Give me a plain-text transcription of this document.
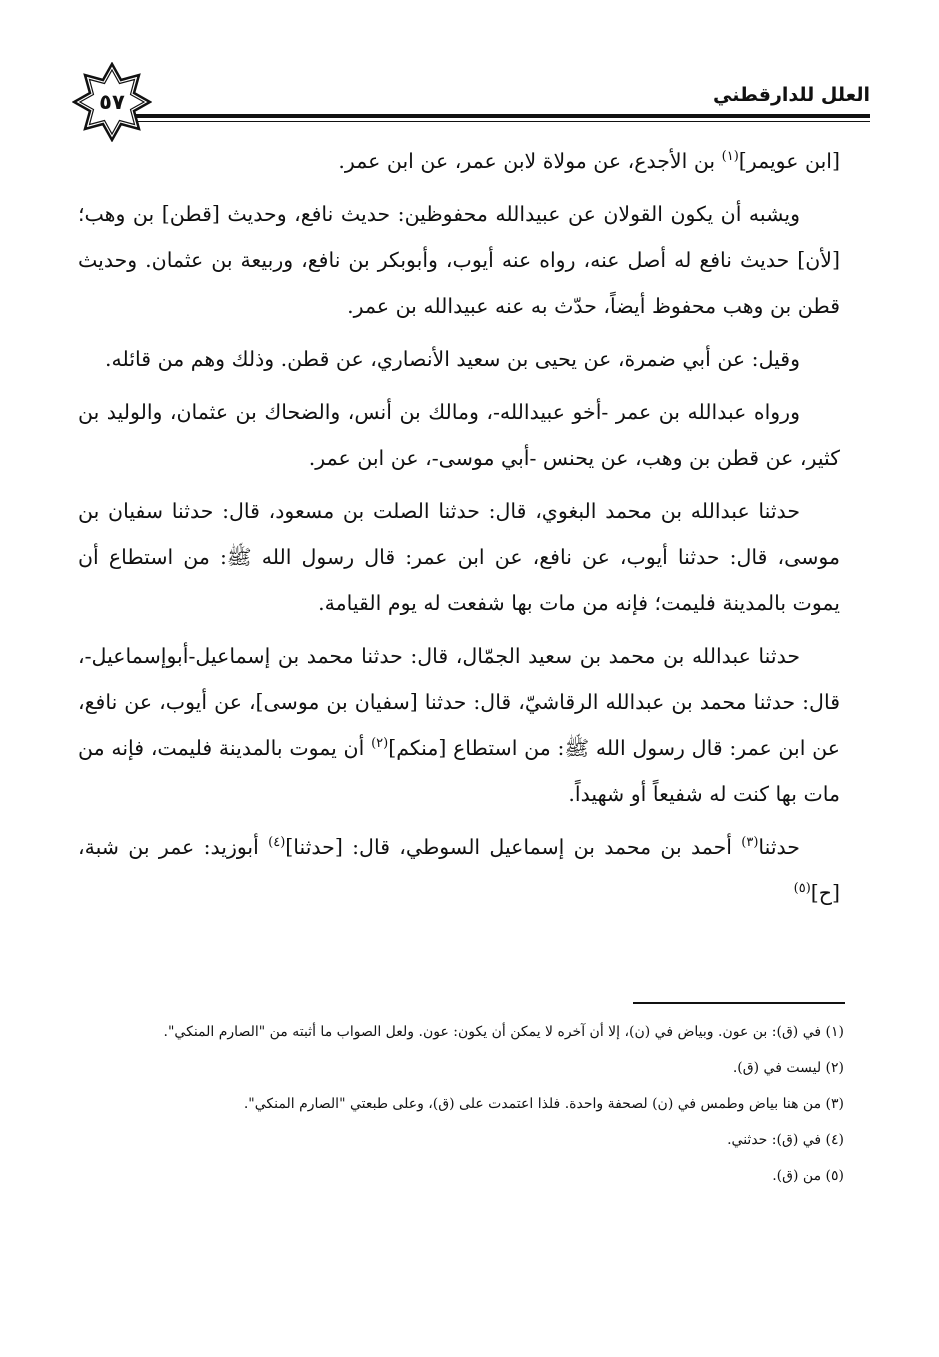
٥٧	العلل للدارقطني

[ابن عويمر]$^{(١)}$ بن الأجدع، عن مولاة لابن عمر، عن ابن عمر.

ويشبه أن يكون القولان عن عبيدالله محفوظين: حديث نافع، وحديث [قطن] بن وهب؛ [لأن] حديث نافع له أصل عنه، رواه عنه أيوب، وأبوبكر بن نافع، وربيعة بن عثمان. وحديث قطن بن وهب محفوظ أيضاً، حدّث به عنه عبيدالله بن عمر.

وقيل: عن أبي ضمرة، عن يحيى بن سعيد الأنصاري، عن قطن. وذلك وهم من قائله.

ورواه عبدالله بن عمر -أخو عبيدالله-، ومالك بن أنس، والضحاك بن عثمان، والوليد بن كثير، عن قطن بن وهب، عن يحنس -أبي موسى-، عن ابن عمر.

حدثنا عبدالله بن محمد البغوي، قال: حدثنا الصلت بن مسعود، قال: حدثنا سفيان بن موسى، قال: حدثنا أيوب، عن نافع، عن ابن عمر: قال رسول الله ﷺ: من استطاع أن يموت بالمدينة فليمت؛ فإنه من مات بها شفعت له يوم القيامة.

حدثنا عبدالله بن محمد بن سعيد الجمّال، قال: حدثنا محمد بن إسماعيل-أبوإسماعيل-، قال: حدثنا محمد بن عبدالله الرقاشيّ، قال: حدثنا [سفيان بن موسى]، عن أيوب، عن نافع، عن ابن عمر: قال رسول الله ﷺ: من استطاع [منكم]$^{(٢)}$ أن يموت بالمدينة فليمت، فإنه من مات بها كنت له شفيعاً أو شهيداً.

حدثنا$^{(٣)}$ أحمد بن محمد بن إسماعيل السوطي، قال: [حدثنا]$^{(٤)}$ أبوزيد: عمر بن شبة، [ح]$^{(٥)}$

(١) في (ق): بن عون. وبياض في (ن)، إلا أن آخره لا يمكن أن يكون: عون. ولعل الصواب ما أثبته من "الصارم المنكي".

(٢) ليست في (ق).

(٣) من هنا بياض وطمس في (ن) لصحفة واحدة. فلذا اعتمدت على (ق)، وعلى طبعتي "الصارم المنكي".

(٤) في (ق): حدثني.

(٥) من (ق).
